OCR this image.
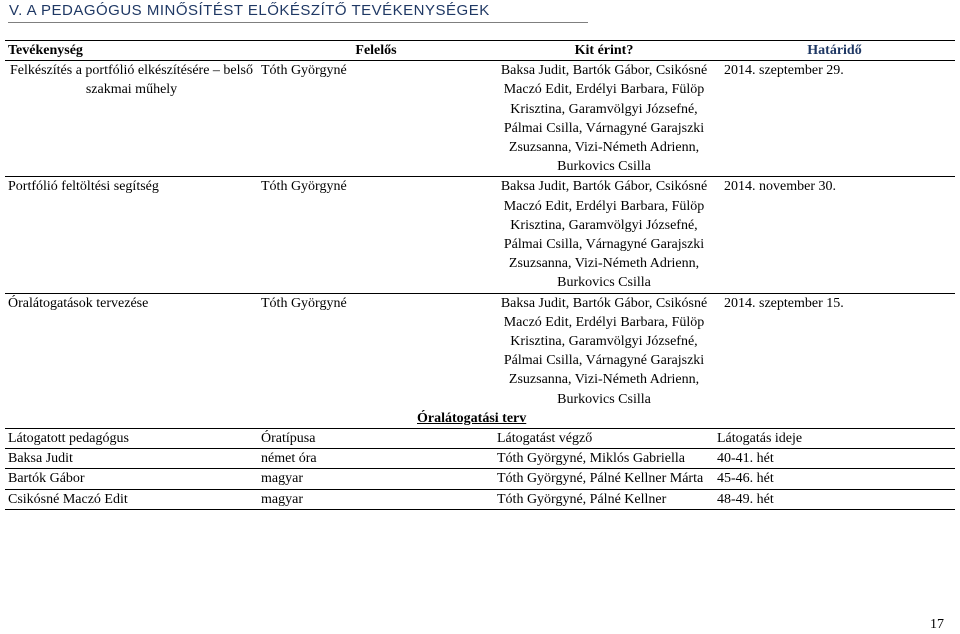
V. A PEDAGÓGUS MINŐSÍTÉST ELŐKÉSZÍTŐ TEVÉKENYSÉGEK
Tevékenység	Felelős	Kit érint?	Határidő
Felkészítés a portfólió elkészítésére – belső szakmai műhely	Tóth Györgyné	Baksa Judit, Bartók Gábor, Csikósné Maczó Edit, Erdélyi Barbara, Fülöp Krisztina, Garamvölgyi Józsefné, Pálmai Csilla, Várnagyné Garajszki Zsuzsanna, Vizi-Németh Adrienn, Burkovics Csilla	2014. szeptember 29.
Portfólió feltöltési segítség	Tóth Györgyné	Baksa Judit, Bartók Gábor, Csikósné Maczó Edit, Erdélyi Barbara, Fülöp Krisztina, Garamvölgyi Józsefné, Pálmai Csilla, Várnagyné Garajszki Zsuzsanna, Vizi-Németh Adrienn, Burkovics Csilla	2014. november 30.
Óralátogatások tervezése	Tóth Györgyné	Baksa Judit, Bartók Gábor, Csikósné Maczó Edit, Erdélyi Barbara, Fülöp Krisztina, Garamvölgyi Józsefné, Pálmai Csilla, Várnagyné Garajszki Zsuzsanna, Vizi-Németh Adrienn, Burkovics Csilla	2014. szeptember 15.
Óralátogatási terv			
Látogatott pedagógus	Óratípusa	Látogatást végző	Látogatás ideje
Baksa Judit	német óra	Tóth Györgyné, Miklós Gabriella	40-41. hét
Bartók Gábor	magyar	Tóth Györgyné, Pálné Kellner Márta	45-46. hét
Csikósné Maczó Edit	magyar	Tóth Györgyné, Pálné Kellner	48-49. hét
17
